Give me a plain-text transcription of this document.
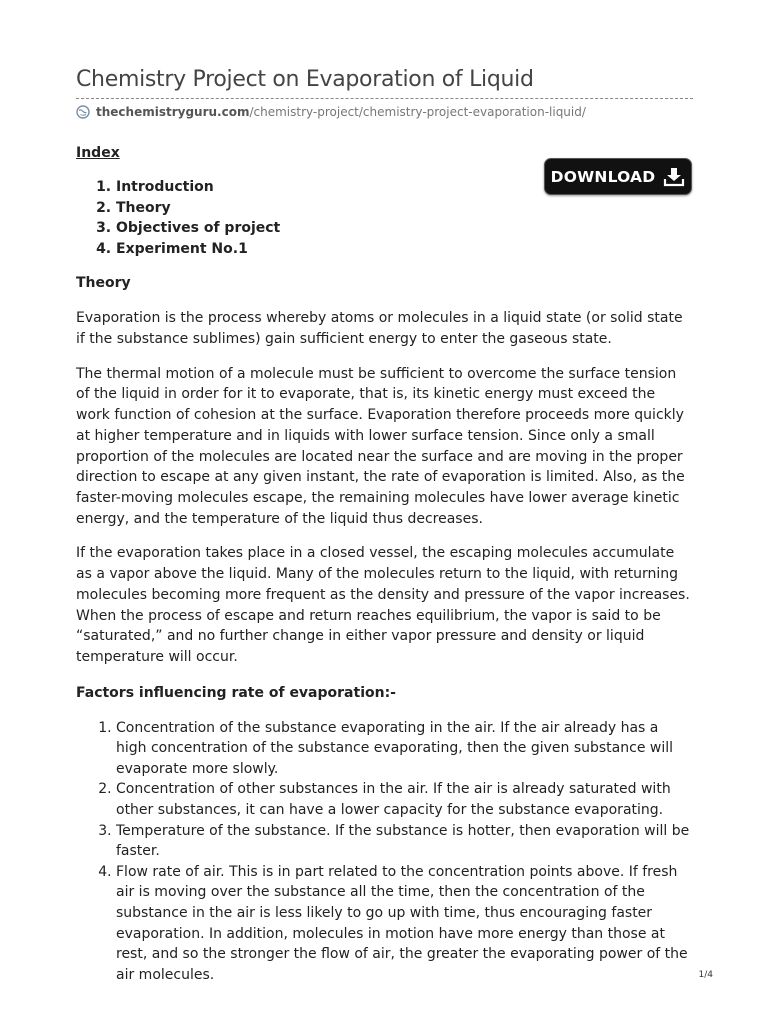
Chemistry Project on Evaporation of Liquid
thechemistryguru.com /chemistry-project/chemistry-project-evaporation-liquid/
DOWNLOAD
Index
1. Introduction
2. Theory
3. Objectives of project
4. Experiment No.1
Theory

Evaporation is the process whereby atoms or molecules in a liquid state (or solid state if the substance sublimes) gain sufficient energy to enter the gaseous state.

The thermal motion of a molecule must be sufficient to overcome the surface tension of the liquid in order for it to evaporate, that is, its kinetic energy must exceed the work function of cohesion at the surface. Evaporation therefore proceeds more quickly at higher temperature and in liquids with lower surface tension. Since only a small proportion of the molecules are located near the surface and are moving in the proper direction to escape at any given instant, the rate of evaporation is limited. Also, as the faster-moving molecules escape, the remaining molecules have lower average kinetic energy, and the temperature of the liquid thus decreases.

If the evaporation takes place in a closed vessel, the escaping molecules accumulate as a vapor above the liquid. Many of the molecules return to the liquid, with returning molecules becoming more frequent as the density and pressure of the vapor increases. When the process of escape and return reaches equilibrium, the vapor is said to be “saturated,” and no further change in either vapor pressure and density or liquid temperature will occur.

Factors influencing rate of evaporation:-
1. Concentration of the substance evaporating in the air. If the air already has a high concentration of the substance evaporating, then the given substance will evaporate more slowly.
2. Concentration of other substances in the air. If the air is already saturated with other substances, it can have a lower capacity for the substance evaporating.
3. Temperature of the substance. If the substance is hotter, then evaporation will be faster.
4. Flow rate of air. This is in part related to the concentration points above. If fresh air is moving over the substance all the time, then the concentration of the substance in the air is less likely to go up with time, thus encouraging faster evaporation. In addition, molecules in motion have more energy than those at rest, and so the stronger the flow of air, the greater the evaporating power of the air molecules.	1/4
